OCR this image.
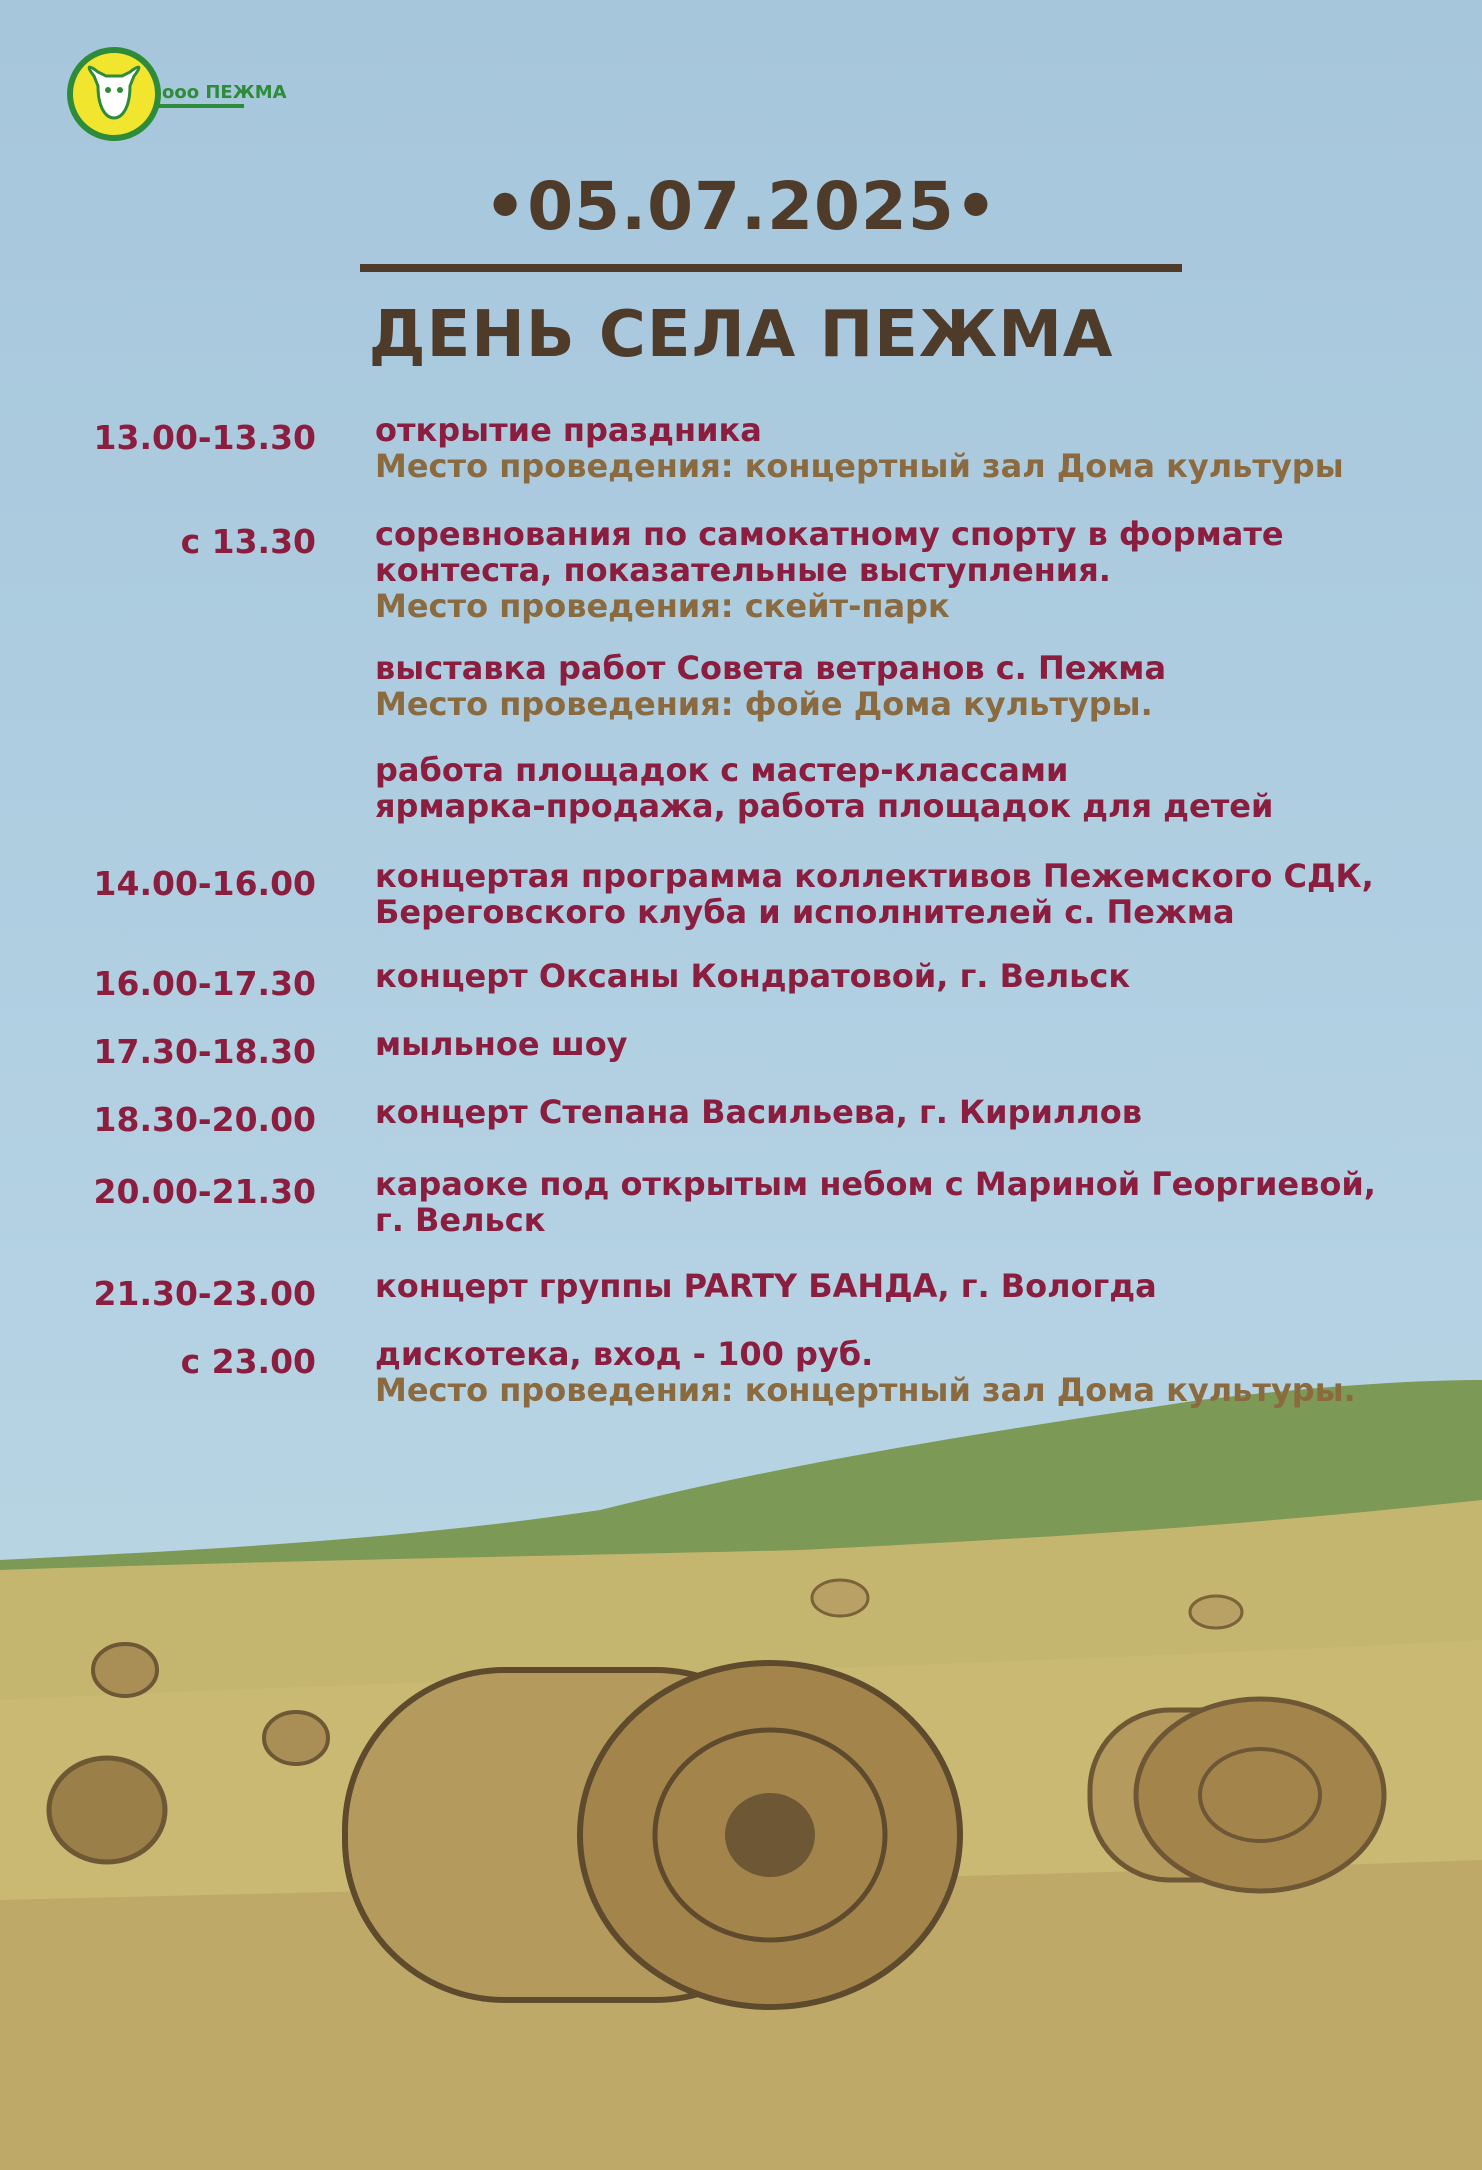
ооо ПЕЖМА
•05.07.2025•
ДЕНЬ СЕЛА ПЕЖМА
13.00-13.30 открытие праздника
Место проведения: концертный зал Дома культуры
с 13.30 соревнования по самокатному спорту в формате
контеста, показательные выступления.
Место проведения: скейт-парк
выставка работ Совета ветранов с. Пежма
Место проведения: фойе Дома культуры.
работа площадок с мастер-классами
ярмарка-продажа, работа площадок для детей
14.00-16.00 концертая программа коллективов Пежемского СДК,
Береговского клуба и исполнителей с. Пежма
16.00-17.30 концерт Оксаны Кондратовой, г. Вельск
17.30-18.30 мыльное шоу
18.30-20.00 концерт Степана Васильева, г. Кириллов
20.00-21.30 караоке под открытым небом с Мариной Георгиевой,
г. Вельск
21.30-23.00 концерт группы PARTY БАНДА, г. Вологда
с 23.00 дискотека, вход - 100 руб.
Место проведения: концертный зал Дома культуры.
